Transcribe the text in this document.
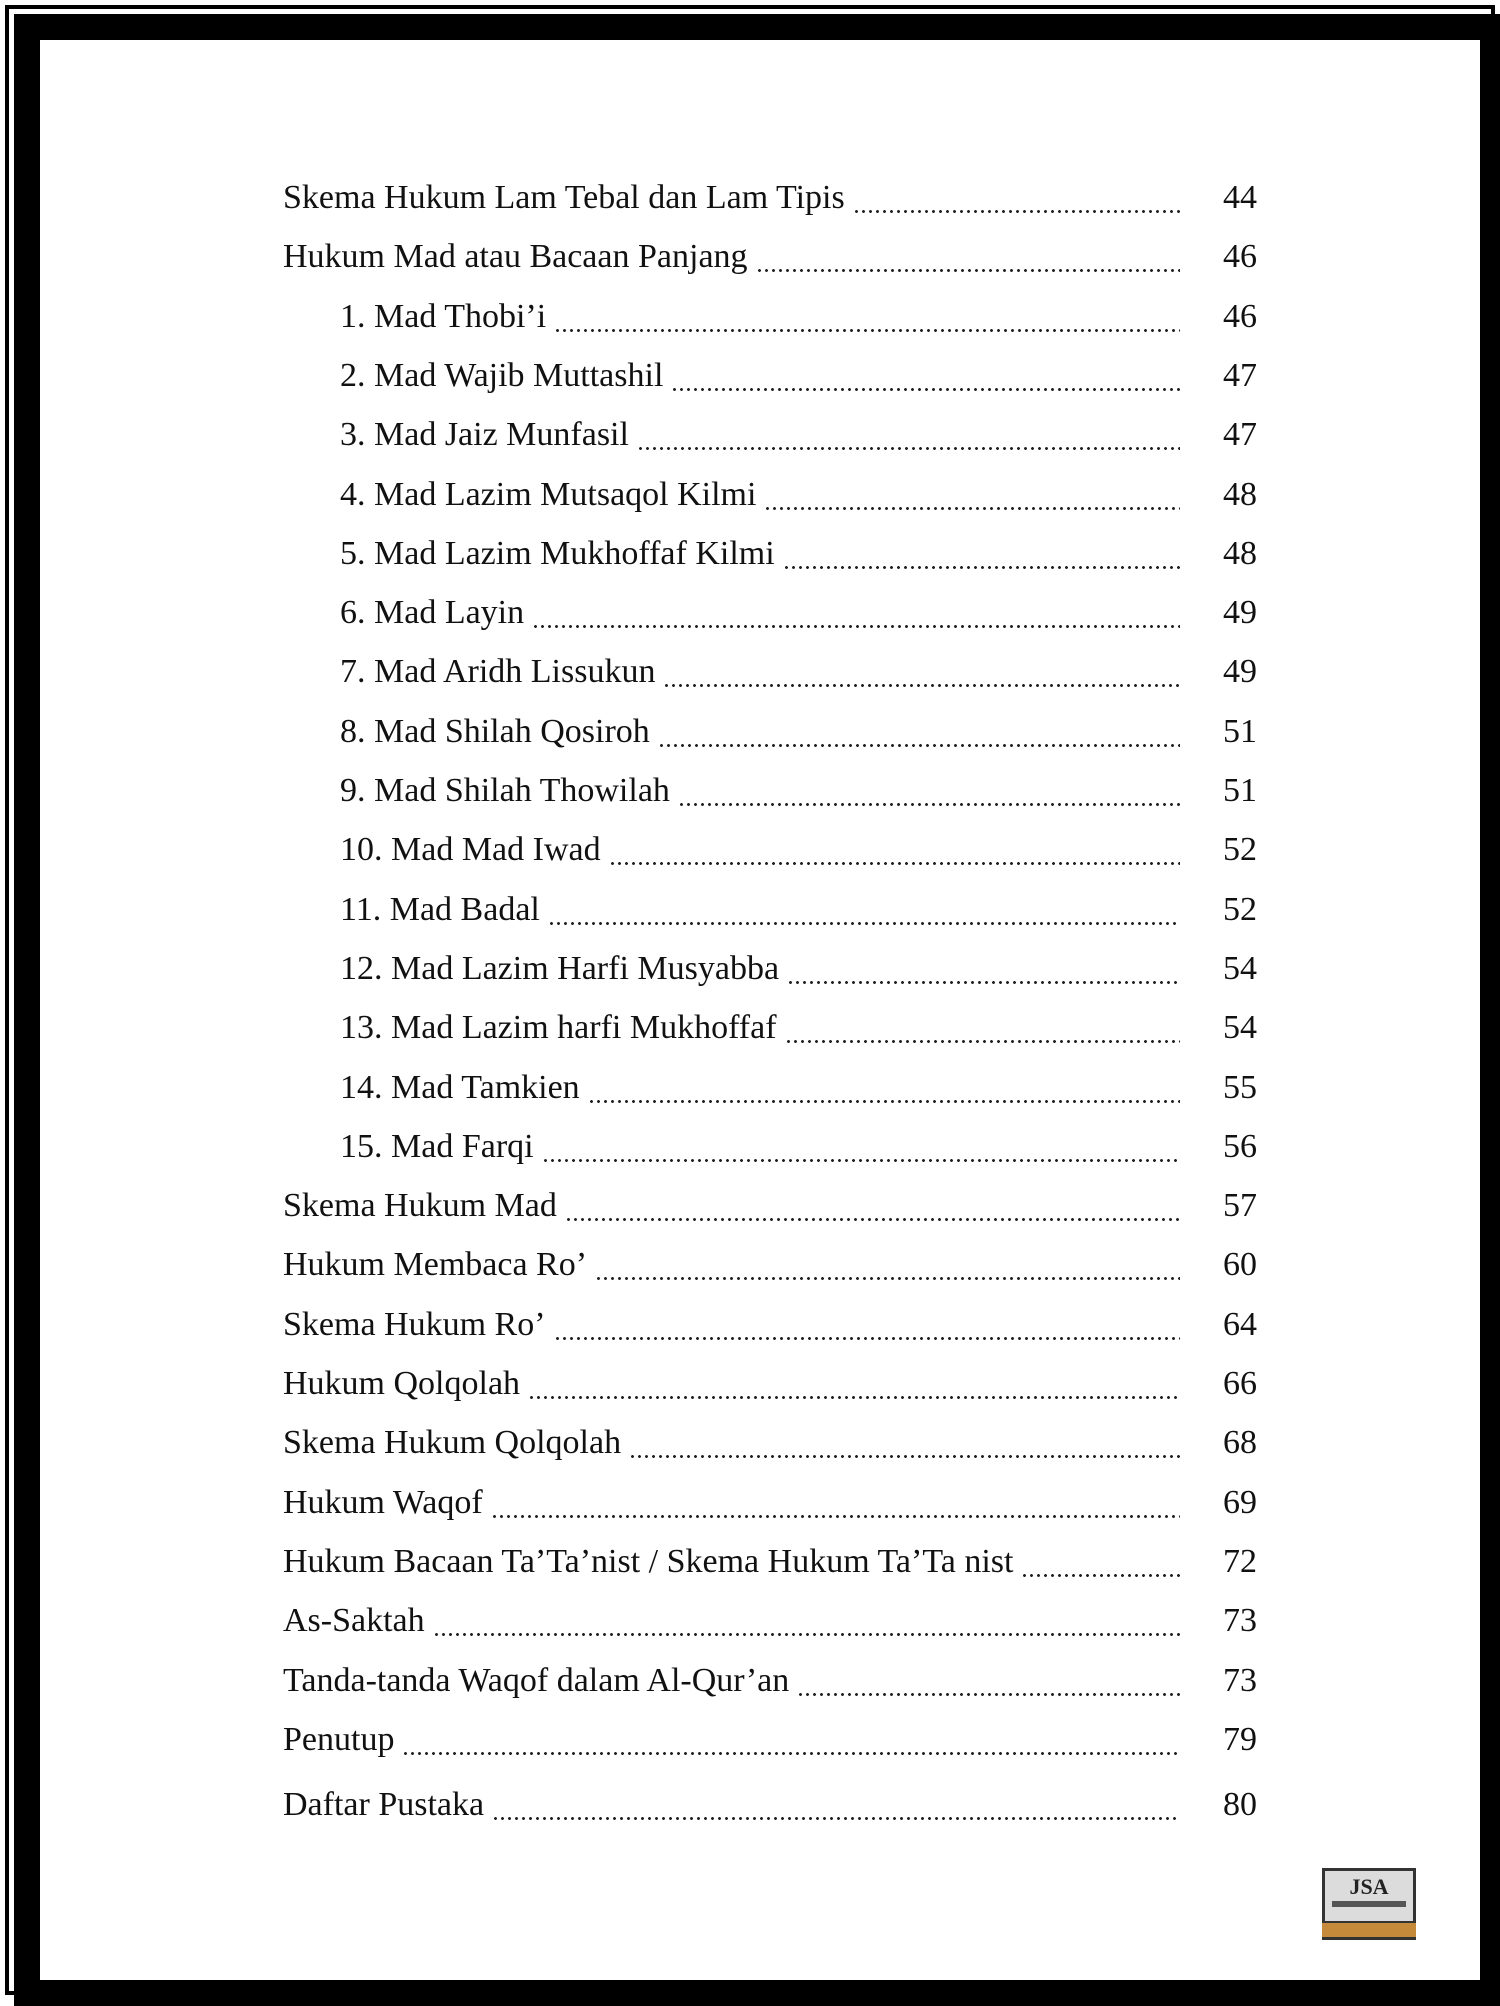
Skema Hukum Lam Tebal dan Lam Tipis	44
Hukum Mad atau Bacaan Panjang	46
1. Mad Thobi’i	46
2. Mad Wajib Muttashil	47
3. Mad Jaiz Munfasil	47
4. Mad Lazim Mutsaqol Kilmi	48
5. Mad Lazim Mukhoffaf Kilmi	48
6. Mad Layin	49
7. Mad Aridh Lissukun	49
8. Mad Shilah Qosiroh	51
9. Mad Shilah Thowilah	51
10. Mad Mad Iwad	52
11. Mad Badal	52
12. Mad Lazim Harfi Musyabba	54
13. Mad Lazim harfi Mukhoffaf	54
14. Mad Tamkien	55
15. Mad Farqi	56
Skema Hukum Mad	57
Hukum Membaca Ro’	60
Skema Hukum Ro’	64
Hukum Qolqolah	66
Skema Hukum Qolqolah	68
Hukum Waqof	69
Hukum Bacaan Ta’Ta’nist / Skema Hukum Ta’Ta nist	72
As-Saktah	73
Tanda-tanda Waqof dalam Al-Qur’an	73
Penutup	79
Daftar Pustaka	80
JSA
